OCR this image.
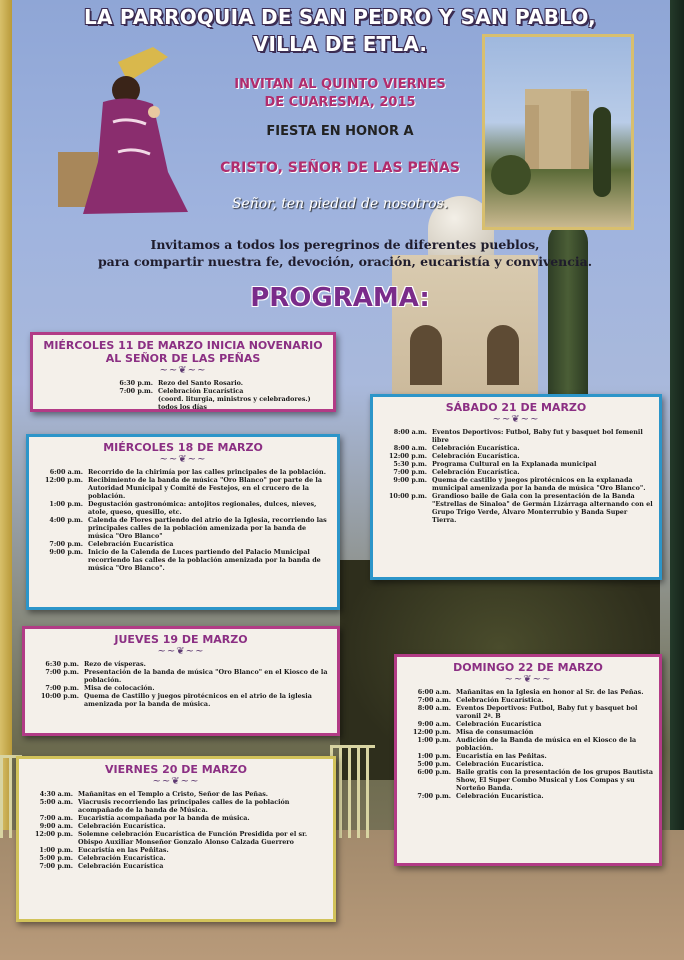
LA PARROQUIA DE SAN PEDRO Y SAN PABLO,
VILLA DE ETLA.
INVITAN AL QUINTO VIERNES
DE CUARESMA, 2015
FIESTA EN HONOR A
CRISTO, SEÑOR DE LAS PEÑAS
Señor, ten piedad de nosotros.
Invitamos a todos los peregrinos de diferentes pueblos,
para compartir nuestra fe, devoción, oración, eucaristía y convivencia.
PROGRAMA:
MIÉRCOLES 11 DE MARZO INICIA NOVENARIO
AL SEÑOR DE LAS PEÑAS
~~❦~~
6:30 p.m. Rezo del Santo Rosario.
7:00 p.m. Celebración Eucarística
(coord. liturgia, ministros y celebradores.) todos los días
MIÉRCOLES 18 DE MARZO
~~❦~~
6:00 a.m. Recorrido de la chirimía por las calles principales de la población.
12:00 p.m. Recibimiento de la banda de música "Oro Blanco" por parte de la Autoridad Municipal y Comité de Festejos, en el crucero de la población.
1:00 p.m. Degustación gastronómica: antojitos regionales, dulces, nieves, atole, queso, quesillo, etc.
4:00 p.m. Calenda de Flores partiendo del atrio de la Iglesia, recorriendo las principales calles de la población amenizada por la banda de música "Oro Blanco"
7:00 p.m. Celebración Eucarística
9:00 p.m. Inicio de la Calenda de Luces partiendo del Palacio Municipal recorriendo las calles de la población amenizada por la banda de música "Oro Blanco".
JUEVES 19 DE MARZO
~~❦~~
6:30 p.m. Rezo de vísperas.
7:00 p.m. Presentación de la banda de música "Oro Blanco" en el Kiosco de la población.
7:00 p.m. Misa de colocación.
10:00 p.m. Quema de Castillo y juegos pirotécnicos en el atrio de la iglesia amenizada por la banda de música.
VIERNES 20 DE MARZO
~~❦~~
4:30 a.m. Mañanitas en el Templo a Cristo, Señor de las Peñas.
5:00 a.m. Viacrusis recorriendo las principales calles de la población acompañado de la banda de Música.
7:00 a.m. Eucaristía acompañada por la banda de música.
9:00 a.m. Celebración Eucarística.
12:00 p.m. Solemne celebración Eucarística de Función Presidida por el sr. Obispo Auxiliar Monseñor Gonzalo Alonso Calzada Guerrero
1:00 p.m. Eucaristía en las Peñitas.
5:00 p.m. Celebración Eucarística.
7:00 p.m. Celebración Eucarística
SÁBADO 21 DE MARZO
~~❦~~
8:00 a.m. Eventos Deportivos: Futbol, Baby fut y basquet bol femenil libre
8:00 a.m. Celebración Eucarística.
12:00 p.m. Celebración Eucarística.
5:30 p.m. Programa Cultural en la Explanada municipal
7:00 p.m. Celebración Eucarística.
9:00 p.m. Quema de castillo y juegos pirotécnicos en la explanada municipal amenizada por la banda de música "Oro Blanco".
10:00 p.m. Grandioso baile de Gala con la presentación de la Banda "Estrellas de Sinaloa" de Germán Lizárraga alternando con el Grupo Trigo Verde, Álvaro Monterrubio y Banda Super Tierra.
DOMINGO 22 DE MARZO
~~❦~~
6:00 a.m. Mañanitas en la Iglesia en honor al Sr. de las Peñas.
7:00 a.m. Celebración Eucarística.
8:00 a.m. Eventos Deportivos: Futbol, Baby fut y basquet bol varonil 2ª. B
9:00 a.m. Celebración Eucarística
12:00 p.m. Misa de consumación
1:00 p.m. Audición de la Banda de música en el Kiosco de la población.
1:00 p.m. Eucaristía en las Peñitas.
5:00 p.m. Celebración Eucarística.
6:00 p.m. Baile gratis con la presentación de los grupos Bautista Show, El Super Combo Musical y Los Compas y su Norteño Banda.
7:00 p.m. Celebración Eucarística.
